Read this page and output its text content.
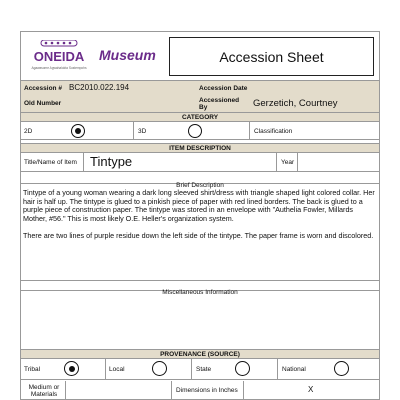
ONEIDA
Agawasome Agwahalokta Sustempohs
Museum	Accession Sheet
Accession # BC2010.022.194	Accession Date
Old Number	Accessioned By	Gerzetich, Courtney
CATEGORY
2D	3D	Classification
ITEM DESCRIPTION
Title/Name of Item Tintype	Year
Brief Description

Tintype of a young woman wearing a dark long sleeved shirt/dress with triangle shaped light colored collar. Her hair is half up. The tintype is glued to a pinkish piece of paper with red lined borders. The back is glued to a purple piece of construction paper. The tintype was stored in an envelope with "Authelia Fowler, Millards Mother, #56." This is most likely O.E. Heller's organization system.

There are two lines of purple residue down the left side of the tintype. The paper frame is worn and discolored.

Miscellaneous Information
PROVENANCE (SOURCE)
Tribal	Local	State	National
Medium or Materials
Dimensions in Inches	X
